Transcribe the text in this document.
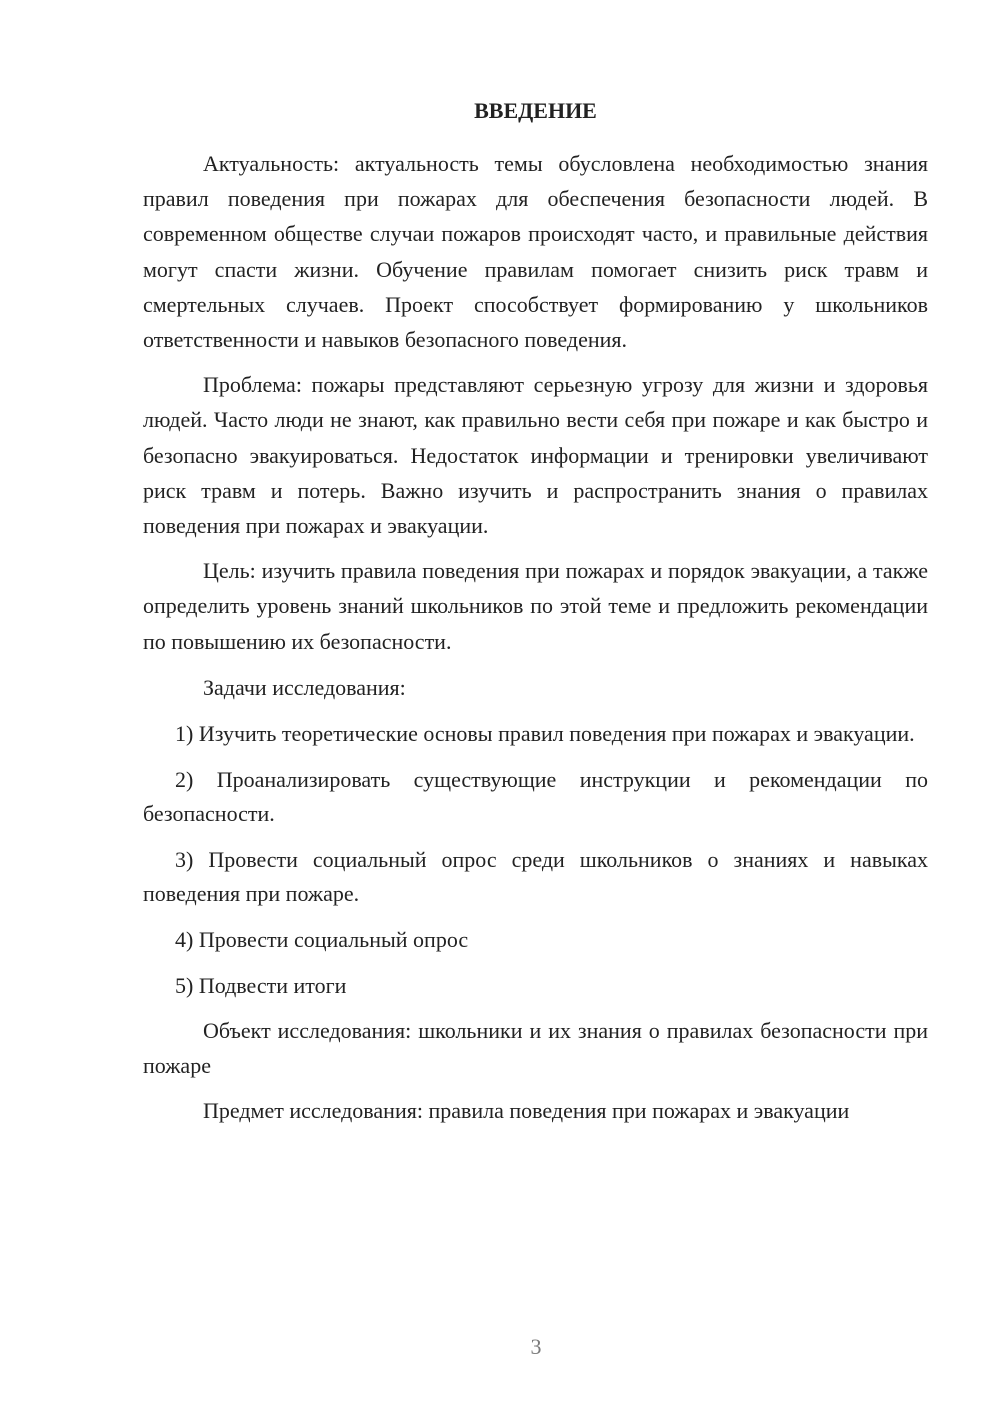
ВВЕДЕНИЕ

Актуальность: актуальность темы обусловлена необходимостью знания правил поведения при пожарах для обеспечения безопасности людей. В современном обществе случаи пожаров происходят часто, и правильные действия могут спасти жизни. Обучение правилам помогает снизить риск травм и смертельных случаев. Проект способствует формированию у школьников ответственности и навыков безопасного поведения.

Проблема: пожары представляют серьезную угрозу для жизни и здоровья людей. Часто люди не знают, как правильно вести себя при пожаре и как быстро и безопасно эвакуироваться. Недостаток информации и тренировки увеличивают риск травм и потерь. Важно изучить и распространить знания о правилах поведения при пожарах и эвакуации.

Цель: изучить правила поведения при пожарах и порядок эвакуации, а также определить уровень знаний школьников по этой теме и предложить рекомендации по повышению их безопасности.

Задачи исследования:

1) Изучить теоретические основы правил поведения при пожарах и эвакуации.

2) Проанализировать существующие инструкции и рекомендации по безопасности.

3) Провести социальный опрос среди школьников о знаниях и навыках поведения при пожаре.

4) Провести социальный опрос

5) Подвести итоги

Объект исследования: школьники и их знания о правилах безопасности при пожаре

Предмет исследования: правила поведения при пожарах и эвакуации

3
